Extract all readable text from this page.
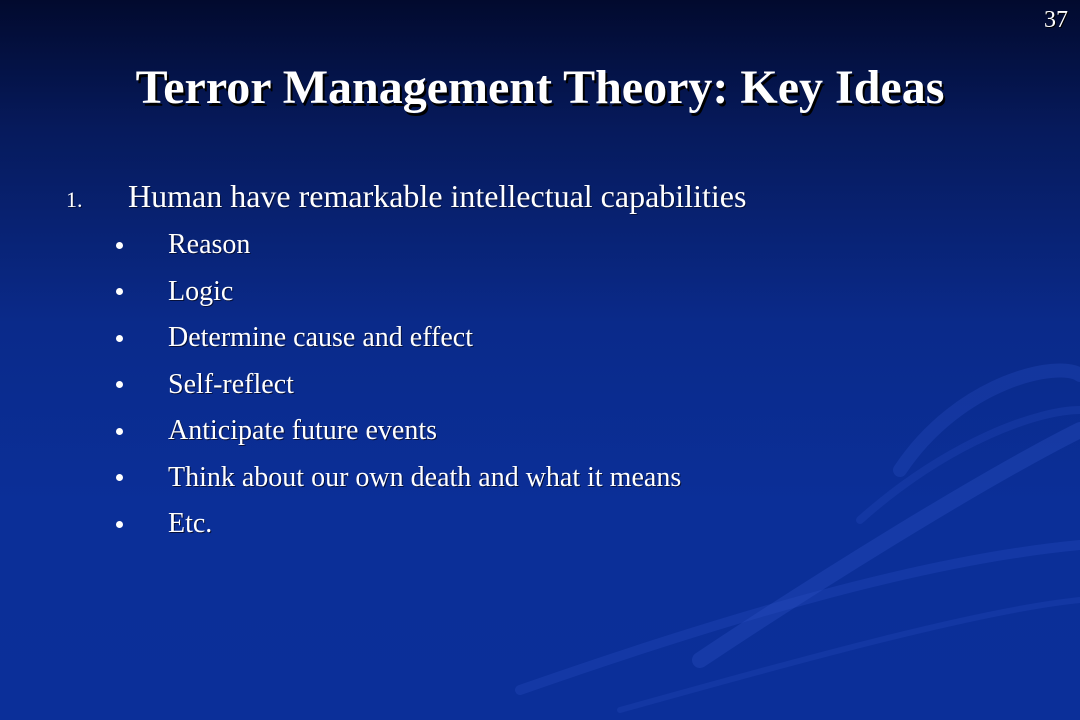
37
Terror Management Theory: Key Ideas
1.	Human have remarkable intellectual capabilities
Reason
Logic
Determine cause and effect
Self-reflect
Anticipate future events
Think about our own death and what it means
Etc.
